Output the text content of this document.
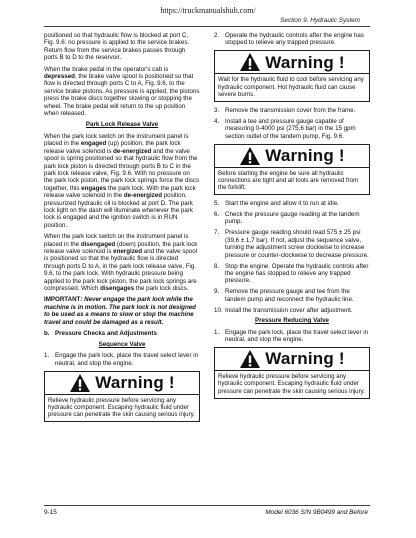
https://truckmanualshub.com/
Section 9. Hydraulic System

positioned so that hydraulic flow is blocked at port C, Fig. 9.6: no pressure is applied to the service brakes. Return flow from the service brakes passes through ports B to D to the reservoir.

When the brake pedal in the operator's cab is depressed, the brake valve spool is positioned so that flow is directed through ports C to A, Fig. 9.6, to the service brake pistons. As pressure is applied, the pistons press the brake discs together slowing or stopping the wheel. The brake pedal will return to the up position when released.

Park Lock Release Valve

When the park lock switch on the instrument panel is placed in the engaged (up) position, the park lock release valve solenoid is de-energized and the valve spool is spring positioned so that hydraulic flow from the park lock piston is directed through ports B to C in the park lock release valve, Fig. 9.6. With no pressure on the park lock piston, the park lock springs force the discs together, this engages the park lock. With the park lock release valve solenoid in the de-energized position, pressurized hydraulic oil is blocked at port D. The park lock light on the dash will illuminate whenever the park lock is engaged and the ignition switch is in RUN position.

When the park lock switch on the instrument panel is placed in the disengaged (down) position, the park lock release valve solenoid is energized and the valve spool is positioned so that the hydraulic flow is directed through ports D to A, in the park lock release valve, Fig. 9.6, to the park lock. With hydraulic pressure being applied to the park lock piston, the park lock springs are compressed. Which disengages the park lock discs.

IMPORTANT: Never engage the park lock while the machine is in motion. The park lock is not designed to be used as a means to slow or stop the machine travel and could be damaged as a result.

b. Pressure Checks and Adjustments
Sequence Valve
1. Engage the park lock, place the travel select lever in neutral, and stop the engine.
Warning !
Relieve hydraulic pressure before servicing any hydraulic component. Escaping hydraulic fluid under pressure can penetrate the skin causing serious injury.
2. Operate the hydraulic controls after the engine has stopped to relieve any trapped pressure.
Warning !
Wait for the hydraulic fluid to cool before servicing any hydraulic component. Hot hydraulic fluid can cause severe burns.
3. Remove the transmission cover from the frame.
4. Install a tee and pressure gauge capable of measuring 0-4000 psi (275,6 bar) in the 15 gpm section outlet of the tandem pump, Fig. 9.6.
Warning !
Before starting the engine be sure all hydraulic connections are tight and all tools are removed from the forklift.
5. Start the engine and allow it to run at idle.
6. Check the pressure gauge reading at the tandem pump.
7. Pressure gauge reading should read 575 ± 25 psi (39,6 ± 1,7 bar). If not, adjust the sequence valve, turning the adjustment screw clockwise to increase pressure or counter-clockwise to decrease pressure.
8. Stop the engine. Operate the hydraulic controls after the engine has stopped to relieve any trapped pressure.
9. Remove the pressure gauge and tee from the tandem pump and reconnect the hydraulic line.
10. Install the transmission cover after adjustment.
Pressure Reducing Valve
1. Engage the park lock, place the travel select lever in neutral, and stop the engine.
Warning !
Relieve hydraulic pressure before servicing any hydraulic component. Escaping hydraulic fluid under pressure can penetrate the skin causing serious injury.
9-15	Model 6036 S/N 9B0499 and Before
